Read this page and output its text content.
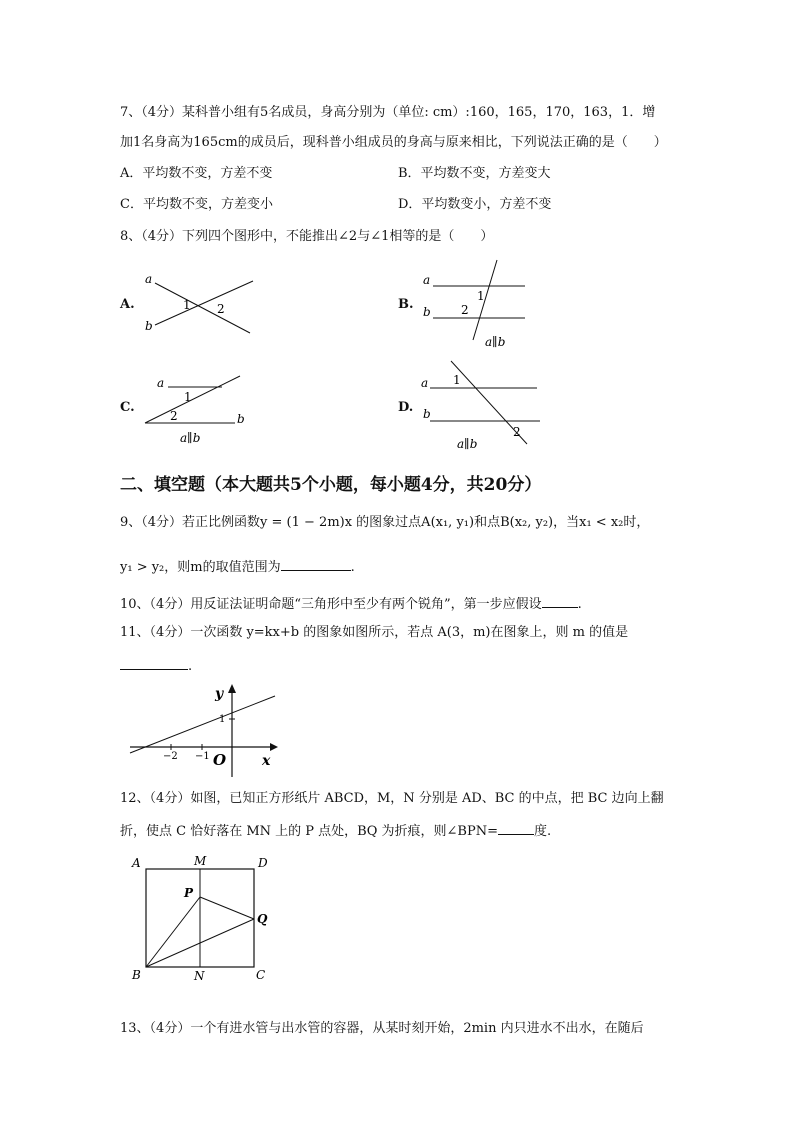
7、（4分）某科普小组有5名成员，身高分别为（单位: cm）:160，165，170，163，1．增
加1名身高为165cm的成员后，现科普小组成员的身高与原来相比，下列说法正确的是（　　）
A．平均数不变，方差不变	B．平均数不变，方差变大
C．平均数不变，方差变小	D．平均数变小，方差不变
8、（4分）下列四个图形中，不能推出∠2与∠1相等的是（　　）
A.
a
b
1 2	B.
a
b
1
2
a∥b
C.
a
b
1
2
a∥b
D.
a
b
1
2
a∥b
二、填空题（本大题共5个小题，每小题4分，共20分）
9、（4分）若正比例函数y = (1 − 2m)x 的图象过点A(x₁, y₁)和点B(x₂, y₂)，当x₁ < x₂时，
y₁ > y₂，则m的取值范围为	.
10、（4分）用反证法证明命题“三角形中至少有两个锐角”，第一步应假设	.
11、（4分）一次函数 y=kx+b 的图象如图所示，若点 A(3，m)在图象上，则 m 的值是
.
y
x
O
1
−1
−2
12、（4分）如图，已知正方形纸片 ABCD，M，N 分别是 AD、BC 的中点，把 BC 边向上翻
折，使点 C 恰好落在 MN 上的 P 点处，BQ 为折痕，则∠BPN=	度.
A	M	D
P
Q
B	N	C
13、（4分）一个有进水管与出水管的容器，从某时刻开始，2min 内只进水不出水，在随后
